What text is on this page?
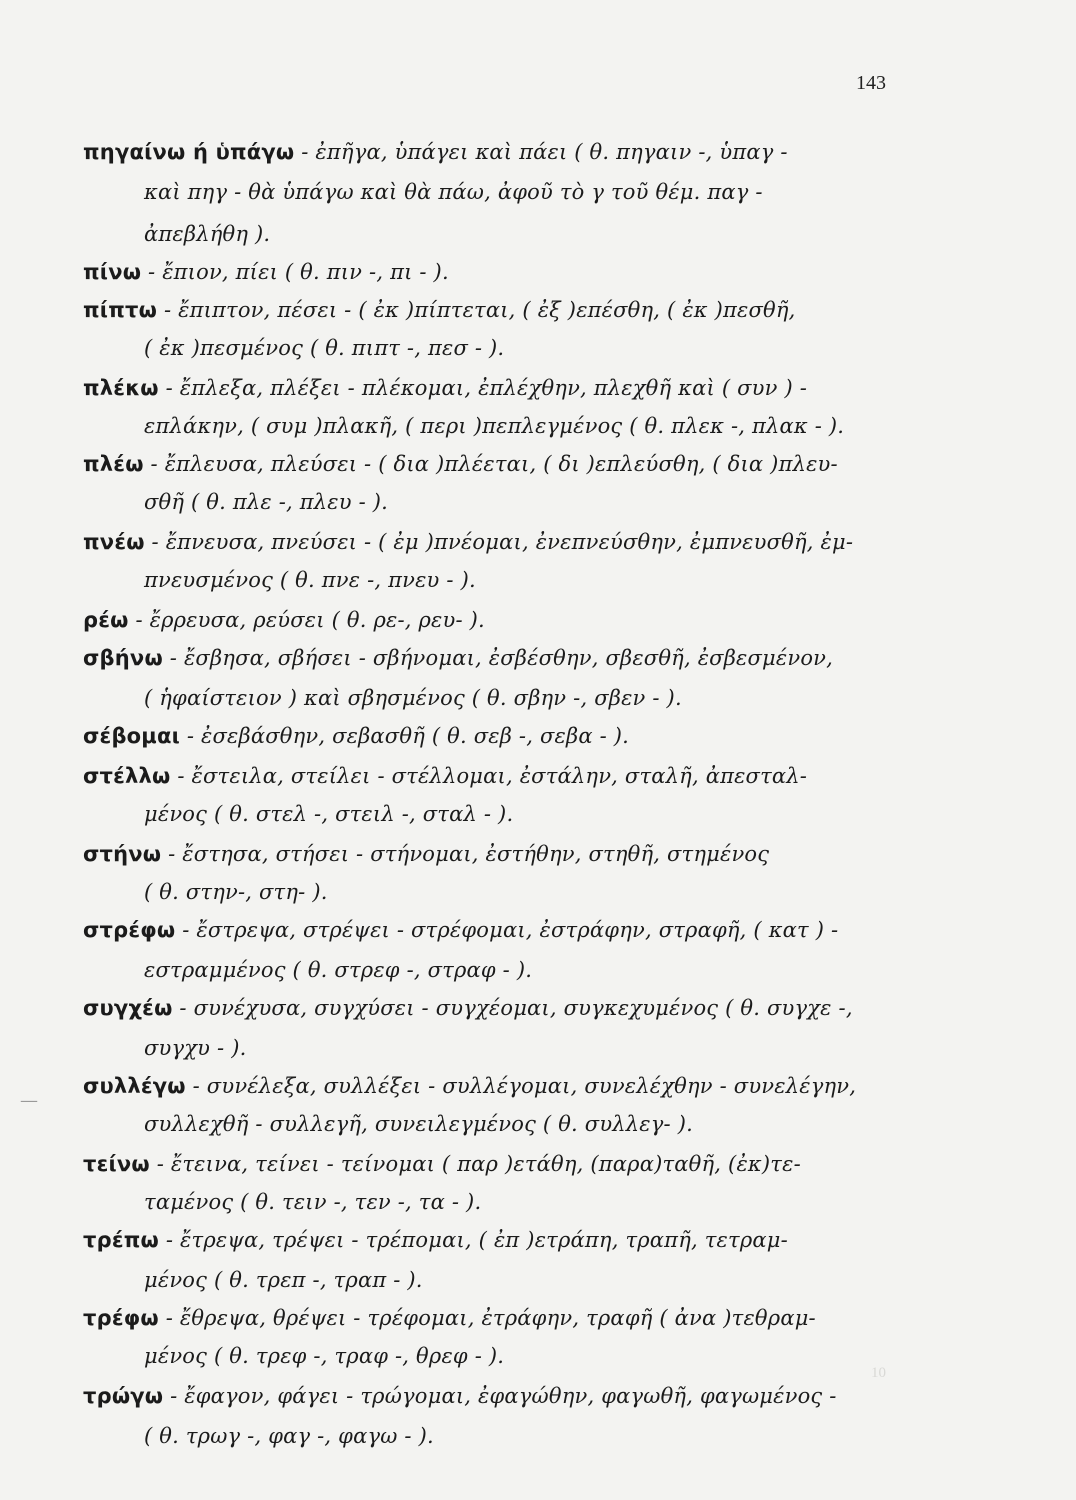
143
πηγαίνω ή ὑπάγω - ἐπῆγα, ὑπάγει καὶ πάει ( θ. πηγαιν -, ὑπαγ -
καὶ πηγ - θὰ ὑπάγω καὶ θὰ πάω, ἀφοῦ τὸ γ τοῦ θέμ. παγ -
ἀπεβλήθη ).
πίνω - ἔπιον, πίει ( θ. πιν -, πι - ).
πίπτω - ἔπιπτον, πέσει - ( ἐκ )πίπτεται, ( ἐξ )επέσθη, ( ἐκ )πεσθῆ,
( ἐκ )πεσμένος ( θ. πιπτ -, πεσ - ).
πλέκω - ἔπλεξα, πλέξει - πλέκομαι, ἐπλέχθην, πλεχθῆ καὶ ( συν ) -
επλάκην, ( συμ )πλακῆ, ( περι )πεπλεγμένος ( θ. πλεκ -, πλακ - ).
πλέω - ἔπλευσα, πλεύσει - ( δια )πλέεται, ( δι )επλεύσθη, ( δια )πλευ-
σθῆ ( θ. πλε -, πλευ - ).
πνέω - ἔπνευσα, πνεύσει - ( ἐμ )πνέομαι, ἐνεπνεύσθην, ἐμπνευσθῆ, ἐμ-
πνευσμένος ( θ. πνε -, πνευ - ).
ρέω - ἔρρευσα, ρεύσει ( θ. ρε-, ρευ- ).
σβήνω - ἔσβησα, σβήσει - σβήνομαι, ἐσβέσθην, σβεσθῆ, ἐσβεσμένον,
( ἡφαίστειον ) καὶ σβησμένος ( θ. σβην -, σβεν - ).
σέβομαι - ἐσεβάσθην, σεβασθῆ ( θ. σεβ -, σεβα - ).
στέλλω - ἔστειλα, στείλει - στέλλομαι, ἐστάλην, σταλῆ, ἀπεσταλ-
μένος ( θ. στελ -, στειλ -, σταλ - ).
στήνω - ἔστησα, στήσει - στήνομαι, ἐστήθην, στηθῆ, στημένος
( θ. στην-, στη- ).
στρέφω - ἔστρεψα, στρέψει - στρέφομαι, ἐστράφην, στραφῆ, ( κατ ) -
εστραμμένος ( θ. στρεφ -, στραφ - ).
συγχέω - συνέχυσα, συγχύσει - συγχέομαι, συγκεχυμένος ( θ. συγχε -,
συγχυ - ).
συλλέγω - συνέλεξα, συλλέξει - συλλέγομαι, συνελέχθην - συνελέγην,
συλλεχθῆ - συλλεγῆ, συνειλεγμένος ( θ. συλλεγ- ).
τείνω - ἔτεινα, τείνει - τείνομαι ( παρ )ετάθη, (παρα)ταθῆ, (ἐκ)τε-
ταμένος ( θ. τειν -, τεν -, τα - ).
τρέπω - ἔτρεψα, τρέψει - τρέπομαι, ( ἐπ )ετράπη, τραπῆ, τετραμ-
μένος ( θ. τρεπ -, τραπ - ).
τρέφω - ἔθρεψα, θρέψει - τρέφομαι, ἐτράφην, τραφῆ ( ἀνα )τεθραμ-
μένος ( θ. τρεφ -, τραφ -, θρεφ - ).
τρώγω - ἔφαγον, φάγει - τρώγομαι, ἐφαγώθην, φαγωθῆ, φαγωμένος -
( θ. τρωγ -, φαγ -, φαγω - ).
10
—
